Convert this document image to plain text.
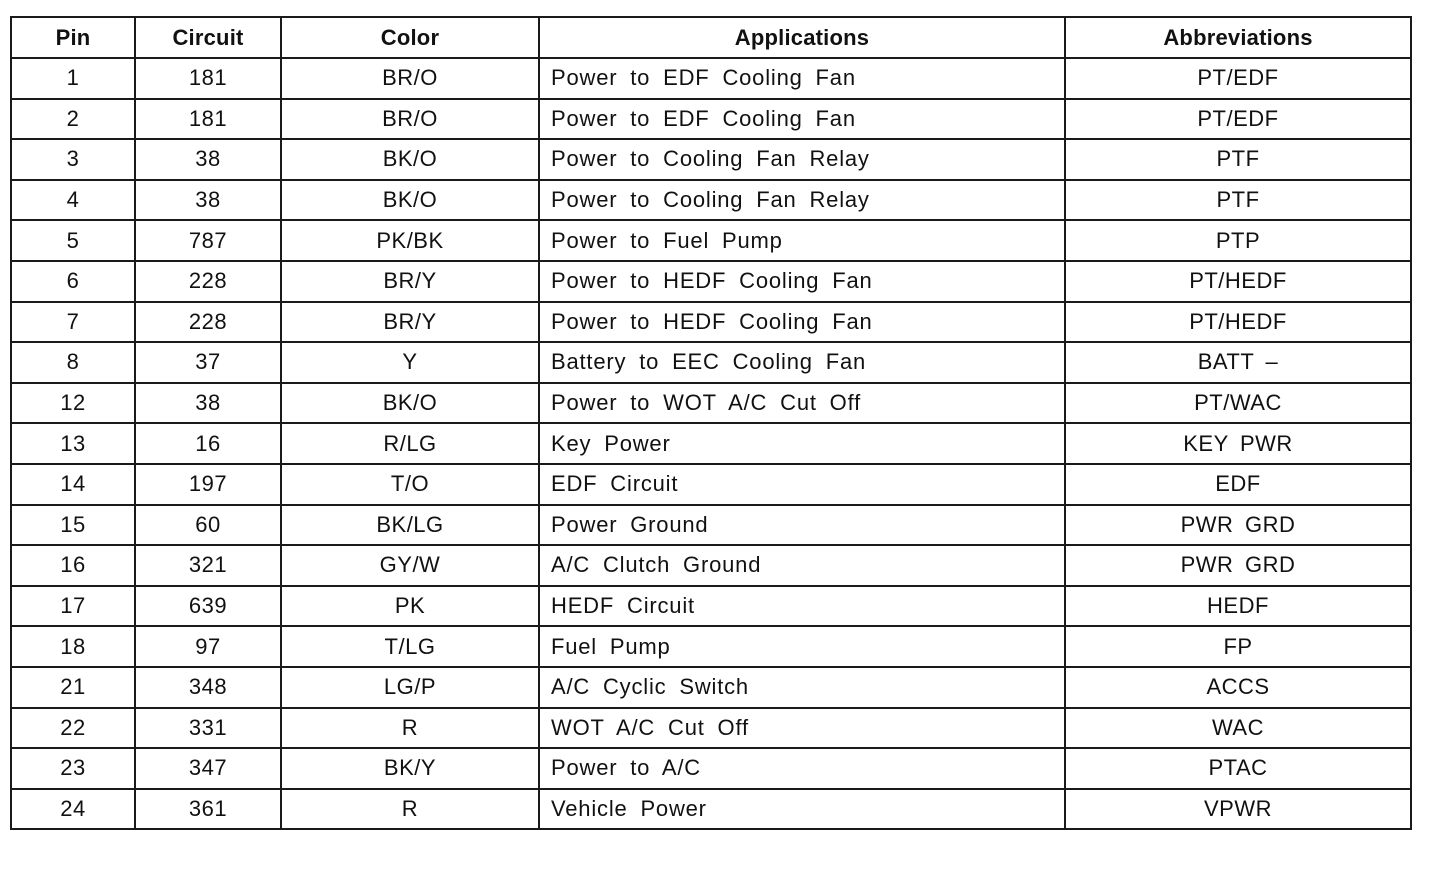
Pin	Circuit	Color	Applications	Abbreviations
1	181	BR/O	Power to EDF Cooling Fan	PT/EDF
2	181	BR/O	Power to EDF Cooling Fan	PT/EDF
3	38	BK/O	Power to Cooling Fan Relay	PTF
4	38	BK/O	Power to Cooling Fan Relay	PTF
5	787	PK/BK	Power to Fuel Pump	PTP
6	228	BR/Y	Power to HEDF Cooling Fan	PT/HEDF
7	228	BR/Y	Power to HEDF Cooling Fan	PT/HEDF
8	37	Y	Battery to EEC Cooling Fan	BATT –
12	38	BK/O	Power to WOT A/C Cut Off	PT/WAC
13	16	R/LG	Key Power	KEY PWR
14	197	T/O	EDF Circuit	EDF
15	60	BK/LG	Power Ground	PWR GRD
16	321	GY/W	A/C Clutch Ground	PWR GRD
17	639	PK	HEDF Circuit	HEDF
18	97	T/LG	Fuel Pump	FP
21	348	LG/P	A/C Cyclic Switch	ACCS
22	331	R	WOT A/C Cut Off	WAC
23	347	BK/Y	Power to A/C	PTAC
24	361	R	Vehicle Power	VPWR
